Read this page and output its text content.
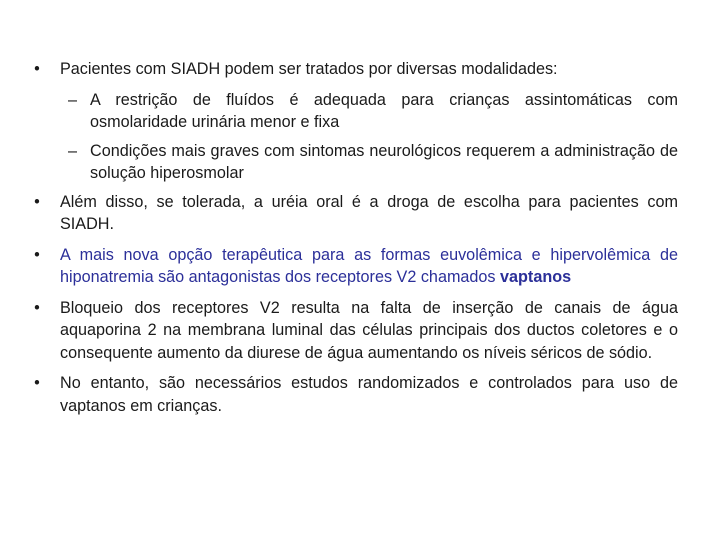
• Pacientes com SIADH podem ser tratados por diversas modalidades:
– A restrição de fluídos é adequada para crianças assintomáticas com osmolaridade urinária menor e fixa
– Condições mais graves com sintomas neurológicos requerem a administração de solução hiperosmolar
• Além disso, se tolerada, a uréia oral é a droga de escolha para pacientes com SIADH.
• A mais nova opção terapêutica para as formas euvolêmica e hipervolêmica de hiponatremia são antagonistas dos receptores V2 chamados vaptanos
• Bloqueio dos receptores V2 resulta na falta de inserção de canais de água aquaporina 2 na membrana luminal das células principais dos ductos coletores e o consequente aumento da diurese de água aumentando os níveis séricos de sódio.
• No entanto, são necessários estudos randomizados e controlados para uso de vaptanos em crianças.
